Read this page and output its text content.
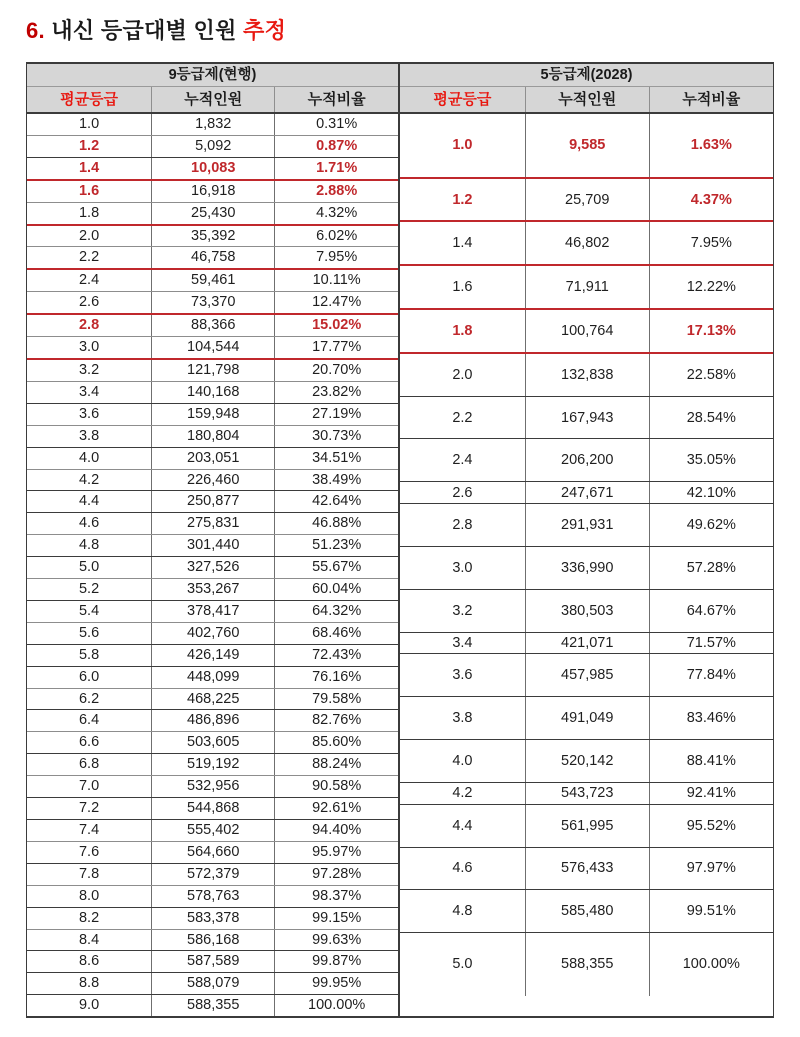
6. 내신 등급대별 인원 추정
9등급제(현행)		
평균등급	누적인원	누적비율
1.0	1,832	0.31%
1.2	5,092	0.87%
1.4	10,083	1.71%
1.6	16,918	2.88%
1.8	25,430	4.32%
2.0	35,392	6.02%
2.2	46,758	7.95%
2.4	59,461	10.11%
2.6	73,370	12.47%
2.8	88,366	15.02%
3.0	104,544	17.77%
3.2	121,798	20.70%
3.4	140,168	23.82%
3.6	159,948	27.19%
3.8	180,804	30.73%
4.0	203,051	34.51%
4.2	226,460	38.49%
4.4	250,877	42.64%
4.6	275,831	46.88%
4.8	301,440	51.23%
5.0	327,526	55.67%
5.2	353,267	60.04%
5.4	378,417	64.32%
5.6	402,760	68.46%
5.8	426,149	72.43%
6.0	448,099	76.16%
6.2	468,225	79.58%
6.4	486,896	82.76%
6.6	503,605	85.60%
6.8	519,192	88.24%
7.0	532,956	90.58%
7.2	544,868	92.61%
7.4	555,402	94.40%
7.6	564,660	95.97%
7.8	572,379	97.28%
8.0	578,763	98.37%
8.2	583,378	99.15%
8.4	586,168	99.63%
8.6	587,589	99.87%
8.8	588,079	99.95%
9.0	588,355	100.00%
5등급제(2028)		
평균등급	누적인원	누적비율
1.0	9,585	1.63%
1.2	25,709	4.37%
1.4	46,802	7.95%
1.6	71,911	12.22%
1.8	100,764	17.13%
2.0	132,838	22.58%
2.2	167,943	28.54%
2.4	206,200	35.05%
2.6	247,671	42.10%
2.8	291,931	49.62%
3.0	336,990	57.28%
3.2	380,503	64.67%
3.4	421,071	71.57%
3.6	457,985	77.84%
3.8	491,049	83.46%
4.0	520,142	88.41%
4.2	543,723	92.41%
4.4	561,995	95.52%
4.6	576,433	97.97%
4.8	585,480	99.51%
5.0	588,355	100.00%
